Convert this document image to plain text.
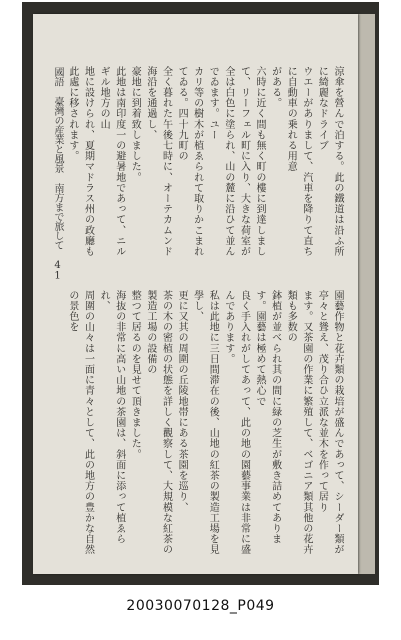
國語 臺灣の産業と風景 南方まで旅して 41	涼傘を營んで泊する。此の鐵道は沿ふ所に綺麗なドライブ

ウエーがありまして、汽車を降りて直ちに自動車の乗れる用意

がある。

六時に近く間も無く町の樓に到達しまして、リーフェル町に入り、大きな荷室が

全は白色に塗られ、山の麓に沿ひて並んでゐます。ユー

カリ等の樹木が植ゑられて取りかこまれてゐる。四十九町の

全く暮れた午後七時に、オーテカムンド海沿を通過し、

豪地に到着致しました。

此地は南印度一の避暑地であって、ニルギル地方の山

地に設けられ、夏期マドラス州の政廳も此處に移されます。

園藝作物と花卉類の栽培が盛んであって、シーダー類が亭々と聳え、茂り合ひ立派な並木を作って居り

ます。又茶園の作業に繁殖して、ベゴニア類其他の花卉類も多数の

鉢植が並べられ其の間に緑の芝生が敷き詰めてあります。園藝は極めて熱心で

良く手入れがしてあって、此の地の園藝事業は非常に盛んであります。

私は此地に三日間滞在の後、山地の紅茶の製造工場を見學し、

更に又其の周圍の丘陵地帯にある茶園を巡り、

茶の木の密植の状態を詳しく觀察して、大規模な紅茶の製造工場の設備の

整つて居るのを見せて頂きました。

海抜の非常に高い山地の茶園は、斜面に添って植ゑられ、

周圍の山々は一面に青々として、此の地方の豊かな自然の景色を

20030070128_P049
